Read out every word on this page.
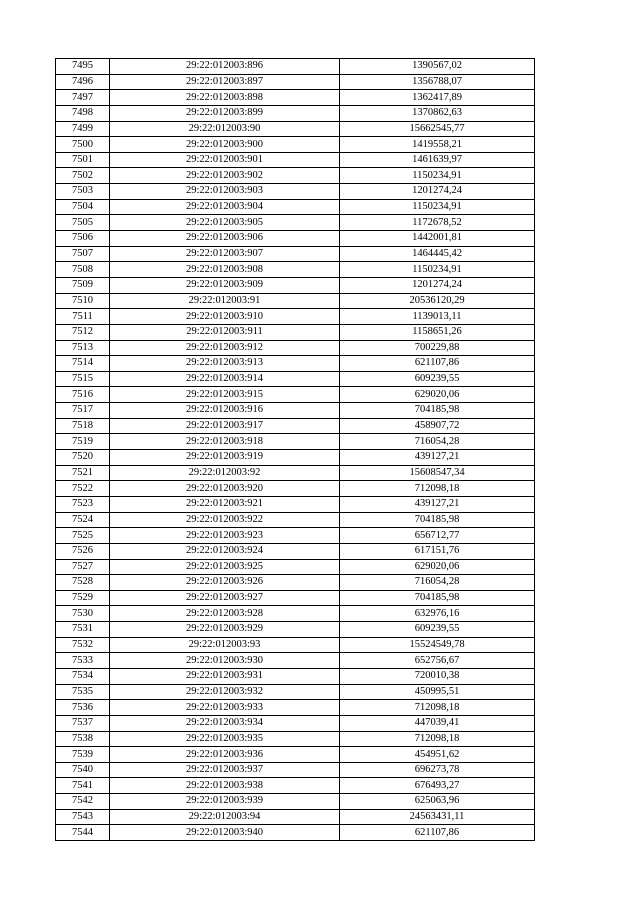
7495	29:22:012003:896	1390567,02
7496	29:22:012003:897	1356788,07
7497	29:22:012003:898	1362417,89
7498	29:22:012003:899	1370862,63
7499	29:22:012003:90	15662545,77
7500	29:22:012003:900	1419558,21
7501	29:22:012003:901	1461639,97
7502	29:22:012003:902	1150234,91
7503	29:22:012003:903	1201274,24
7504	29:22:012003:904	1150234,91
7505	29:22:012003:905	1172678,52
7506	29:22:012003:906	1442001,81
7507	29:22:012003:907	1464445,42
7508	29:22:012003:908	1150234,91
7509	29:22:012003:909	1201274,24
7510	29:22:012003:91	20536120,29
7511	29:22:012003:910	1139013,11
7512	29:22:012003:911	1158651,26
7513	29:22:012003:912	700229,88
7514	29:22:012003:913	621107,86
7515	29:22:012003:914	609239,55
7516	29:22:012003:915	629020,06
7517	29:22:012003:916	704185,98
7518	29:22:012003:917	458907,72
7519	29:22:012003:918	716054,28
7520	29:22:012003:919	439127,21
7521	29:22:012003:92	15608547,34
7522	29:22:012003:920	712098,18
7523	29:22:012003:921	439127,21
7524	29:22:012003:922	704185,98
7525	29:22:012003:923	656712,77
7526	29:22:012003:924	617151,76
7527	29:22:012003:925	629020,06
7528	29:22:012003:926	716054,28
7529	29:22:012003:927	704185,98
7530	29:22:012003:928	632976,16
7531	29:22:012003:929	609239,55
7532	29:22:012003:93	15524549,78
7533	29:22:012003:930	652756,67
7534	29:22:012003:931	720010,38
7535	29:22:012003:932	450995,51
7536	29:22:012003:933	712098,18
7537	29:22:012003:934	447039,41
7538	29:22:012003:935	712098,18
7539	29:22:012003:936	454951,62
7540	29:22:012003:937	696273,78
7541	29:22:012003:938	676493,27
7542	29:22:012003:939	625063,96
7543	29:22:012003:94	24563431,11
7544	29:22:012003:940	621107,86
